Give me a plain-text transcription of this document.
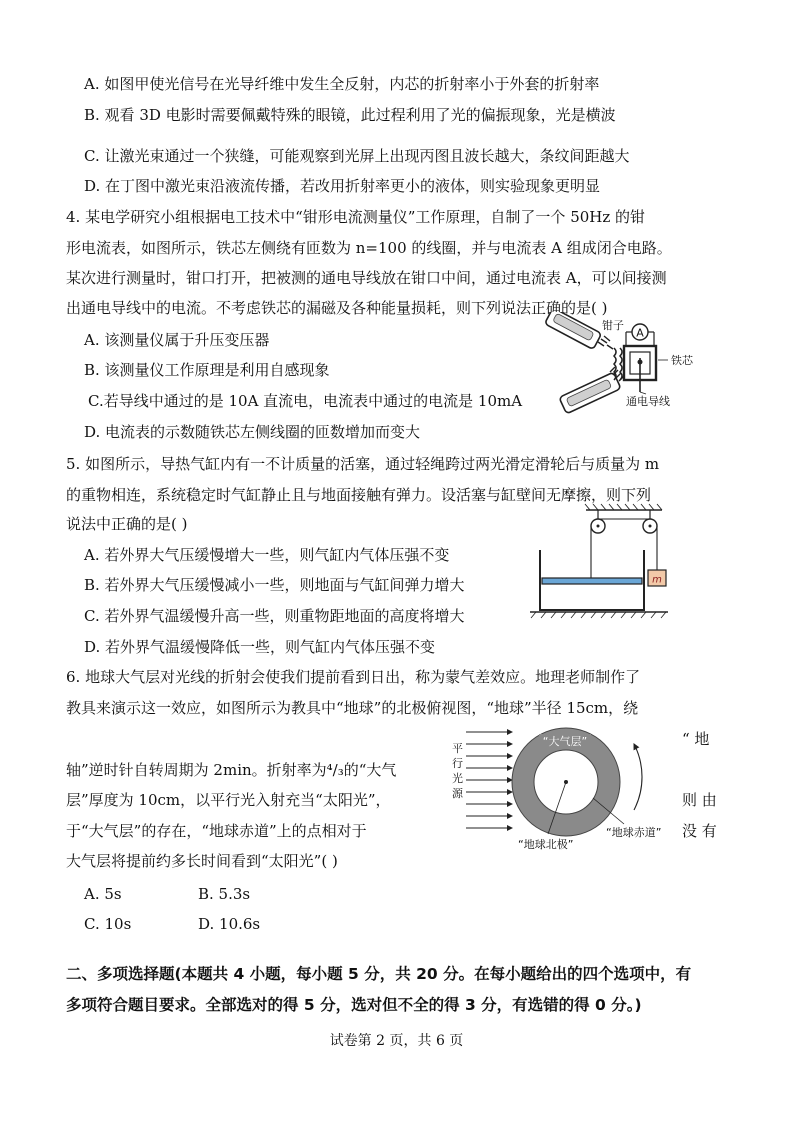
A. 如图甲使光信号在光导纤维中发生全反射，内芯的折射率小于外套的折射率
B. 观看 3D 电影时需要佩戴特殊的眼镜，此过程利用了光的偏振现象，光是横波
C. 让激光束通过一个狭缝，可能观察到光屏上出现丙图且波长越大，条纹间距越大
D. 在丁图中激光束沿液流传播，若改用折射率更小的液体，则实验现象更明显
4. 某电学研究小组根据电工技术中“钳形电流测量仪”工作原理，自制了一个 50Hz 的钳
形电流表，如图所示，铁芯左侧绕有匝数为 n=100 的线圈，并与电流表 A 组成闭合电路。
某次进行测量时，钳口打开，把被测的通电导线放在钳口中间，通过电流表 A，可以间接测
出通电导线中的电流。不考虑铁芯的漏磁及各种能量损耗，则下列说法正确的是( )
A. 该测量仪属于升压变压器
B. 该测量仪工作原理是利用自感现象
C.若导线中通过的是 10A 直流电，电流表中通过的电流是 10mA
D. 电流表的示数随铁芯左侧线圈的匝数增加而变大
A
钳子
铁芯
通电导线
5. 如图所示，导热气缸内有一不计质量的活塞，通过轻绳跨过两光滑定滑轮后与质量为 m
的重物相连，系统稳定时气缸静止且与地面接触有弹力。设活塞与缸壁间无摩擦，则下列
说法中正确的是( )
A. 若外界大气压缓慢增大一些，则气缸内气体压强不变
B. 若外界大气压缓慢减小一些，则地面与气缸间弹力增大
C. 若外界气温缓慢升高一些，则重物距地面的高度将增大
D. 若外界气温缓慢降低一些，则气缸内气体压强不变
m
6. 地球大气层对光线的折射会使我们提前看到日出，称为蒙气差效应。地理老师制作了
教具来演示这一效应，如图所示为教具中“地球”的北极俯视图，“地球”半径 15cm，绕
“ 地
轴”逆时针自转周期为 2min。折射率为⁴/₃的“大气
层”厚度为 10cm，以平行光入射充当“太阳光”，	则 由
于“大气层”的存在，“地球赤道”上的点相对于	没 有
大气层将提前约多长时间看到“太阳光”( )
A. 5s	B. 5.3s
C. 10s	D. 10.6s
平
行
光
源
“大气层”
“地球赤道”
“地球北极”
二、多项选择题(本题共 4 小题，每小题 5 分，共 20 分。在每小题给出的四个选项中，有
多项符合题目要求。全部选对的得 5 分，选对但不全的得 3 分，有选错的得 0 分。)
试卷第 2 页，共 6 页
